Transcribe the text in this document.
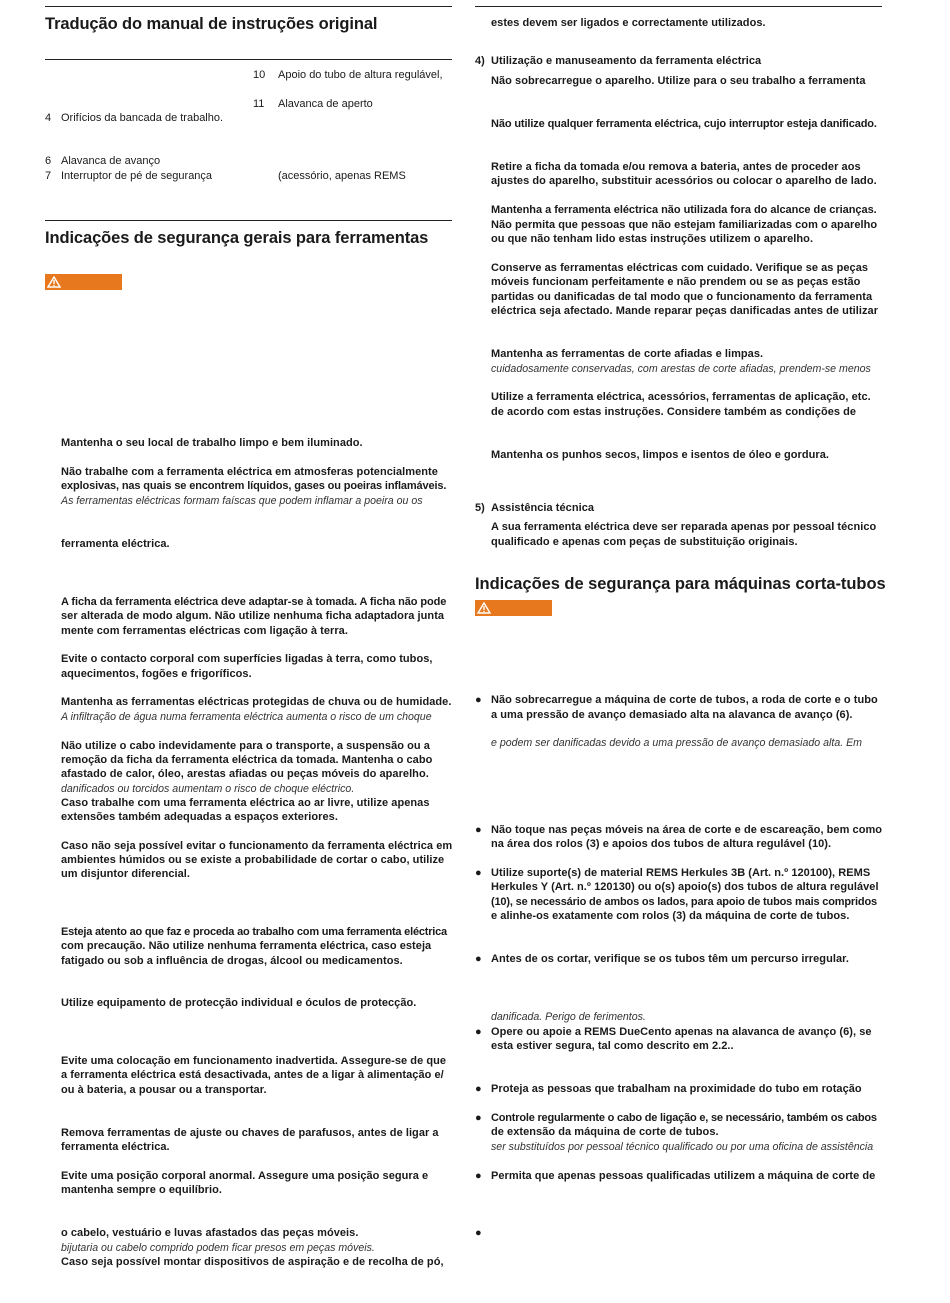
Tradução do manual de instruções original
10 Apoio do tubo de altura regulável,
11 Alavanca de aperto
4 Orifícios da bancada de trabalho.
6 Alavanca de avanço
7 Interruptor de pé de segurança	(acessório, apenas REMS
Indicações de segurança gerais para ferramentas
Mantenha o seu local de trabalho limpo e bem iluminado.
Não trabalhe com a ferramenta eléctrica em atmosferas potencialmente
explosivas, nas quais se encontrem líquidos, gases ou poeiras inflamáveis.
As ferramentas eléctricas formam faíscas que podem inflamar a poeira ou os
ferramenta eléctrica.
A ficha da ferramenta eléctrica deve adaptar-se à tomada. A ficha não pode
ser alterada de modo algum. Não utilize nenhuma ficha adaptadora junta
mente com ferramentas eléctricas com ligação à terra.
Evite o contacto corporal com superfícies ligadas à terra, como tubos,
aquecimentos, fogões e frigoríficos.
Mantenha as ferramentas eléctricas protegidas de chuva ou de humidade.
A infiltração de água numa ferramenta eléctrica aumenta o risco de um choque
Não utilize o cabo indevidamente para o transporte, a suspensão ou a
remoção da ficha da ferramenta eléctrica da tomada. Mantenha o cabo
afastado de calor, óleo, arestas afiadas ou peças móveis do aparelho.
danificados ou torcidos aumentam o risco de choque eléctrico.
Caso trabalhe com uma ferramenta eléctrica ao ar livre, utilize apenas
extensões também adequadas a espaços exteriores.
Caso não seja possível evitar o funcionamento da ferramenta eléctrica em
ambientes húmidos ou se existe a probabilidade de cortar o cabo, utilize
um disjuntor diferencial.
Esteja atento ao que faz e proceda ao trabalho com uma ferramenta eléctrica
com precaução. Não utilize nenhuma ferramenta eléctrica, caso esteja
fatigado ou sob a influência de drogas, álcool ou medicamentos.
Utilize equipamento de protecção individual e óculos de protecção.
Evite uma colocação em funcionamento inadvertida. Assegure-se de que
a ferramenta eléctrica está desactivada, antes de a ligar à alimentação e/
ou à bateria, a pousar ou a transportar.
Remova ferramentas de ajuste ou chaves de parafusos, antes de ligar a
ferramenta eléctrica.
Evite uma posição corporal anormal. Assegure uma posição segura e
mantenha sempre o equilíbrio.
o cabelo, vestuário e luvas afastados das peças móveis.
bijutaria ou cabelo comprido podem ficar presos em peças móveis.
Caso seja possível montar dispositivos de aspiração e de recolha de pó,
estes devem ser ligados e correctamente utilizados.
4) Utilização e manuseamento da ferramenta eléctrica
Não sobrecarregue o aparelho. Utilize para o seu trabalho a ferramenta
Não utilize qualquer ferramenta eléctrica, cujo interruptor esteja danificado.
Retire a ficha da tomada e/ou remova a bateria, antes de proceder aos
ajustes do aparelho, substituir acessórios ou colocar o aparelho de lado.
Mantenha a ferramenta eléctrica não utilizada fora do alcance de crianças.
Não permita que pessoas que não estejam familiarizadas com o aparelho
ou que não tenham lido estas instruções utilizem o aparelho.
Conserve as ferramentas eléctricas com cuidado. Verifique se as peças
móveis funcionam perfeitamente e não prendem ou se as peças estão
partidas ou danificadas de tal modo que o funcionamento da ferramenta
eléctrica seja afectado. Mande reparar peças danificadas antes de utilizar
Mantenha as ferramentas de corte afiadas e limpas.
cuidadosamente conservadas, com arestas de corte afiadas, prendem-se menos
Utilize a ferramenta eléctrica, acessórios, ferramentas de aplicação, etc.
de acordo com estas instruções. Considere também as condições de
Mantenha os punhos secos, limpos e isentos de óleo e gordura.
5) Assistência técnica
A sua ferramenta eléctrica deve ser reparada apenas por pessoal técnico
qualificado e apenas com peças de substituição originais.
Indicações de segurança para máquinas corta-tubos
● Não sobrecarregue a máquina de corte de tubos, a roda de corte e o tubo
a uma pressão de avanço demasiado alta na alavanca de avanço (6).
e podem ser danificadas devido a uma pressão de avanço demasiado alta. Em
● Não toque nas peças móveis na área de corte e de escareação, bem como
na área dos rolos (3) e apoios dos tubos de altura regulável (10).
● Utilize suporte(s) de material REMS Herkules 3B (Art. n.º 120100), REMS
Herkules Y (Art. n.º 120130) ou o(s) apoio(s) dos tubos de altura regulável
(10), se necessário de ambos os lados, para apoio de tubos mais compridos
e alinhe-os exatamente com rolos (3) da máquina de corte de tubos.
● Antes de os cortar, verifique se os tubos têm um percurso irregular.
danificada. Perigo de ferimentos.
● Opere ou apoie a REMS DueCento apenas na alavanca de avanço (6), se
esta estiver segura, tal como descrito em 2.2..
● Proteja as pessoas que trabalham na proximidade do tubo em rotação
● Controle regularmente o cabo de ligação e, se necessário, também os cabos
de extensão da máquina de corte de tubos.
ser substituídos por pessoal técnico qualificado ou por uma oficina de assistência
● Permita que apenas pessoas qualificadas utilizem a máquina de corte de
●
